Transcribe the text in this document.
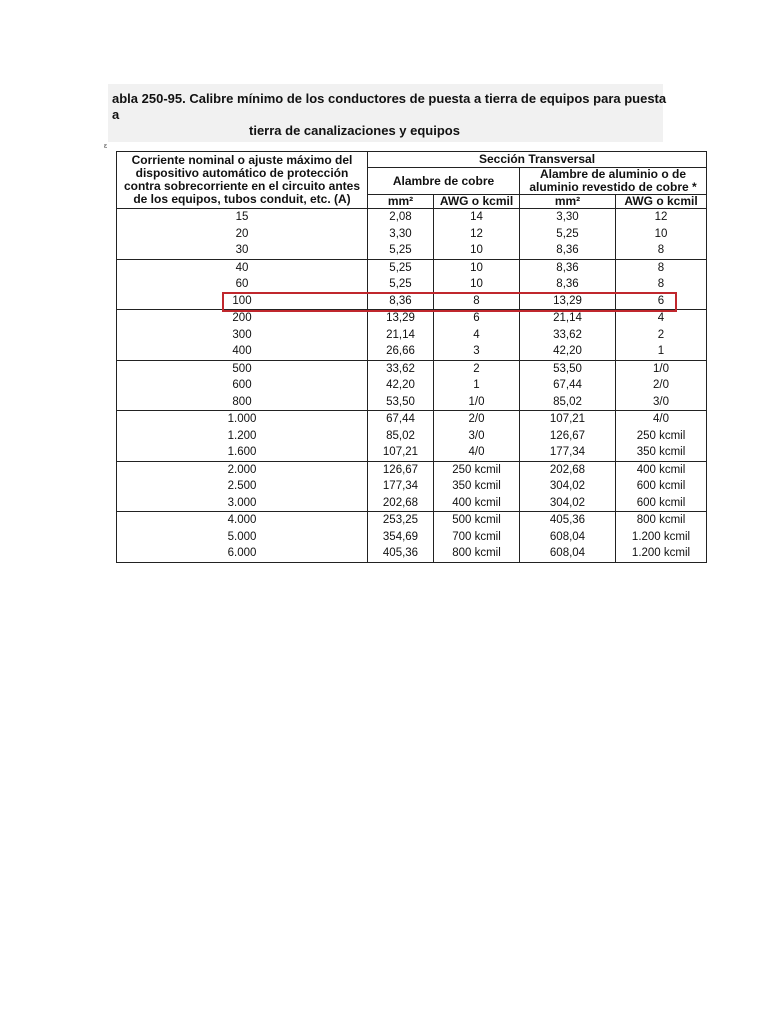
abla 250-95. Calibre mínimo de los conductores de puesta a tierra de equipos para puesta a
tierra de canalizaciones y equipos
ε
Corriente nominal o ajuste máximo del dispositivo automático de protección contra sobrecorriente en el circuito antes de los equipos, tubos conduit, etc. (A)	Sección Transversal			
	Alambre de cobre		Alambre de aluminio o de aluminio revestido de cobre *	
	mm²	AWG o kcmil	mm²	AWG o kcmil
15	2,08	14	3,30	12
20	3,30	12	5,25	10
30	5,25	10	8,36	8
40	5,25	10	8,36	8
60	5,25	10	8,36	8
100	8,36	8	13,29	6
200	13,29	6	21,14	4
300	21,14	4	33,62	2
400	26,66	3	42,20	1
500	33,62	2	53,50	1/0
600	42,20	1	67,44	2/0
800	53,50	1/0	85,02	3/0
1.000	67,44	2/0	107,21	4/0
1.200	85,02	3/0	126,67	250 kcmil
1.600	107,21	4/0	177,34	350 kcmil
2.000	126,67	250 kcmil	202,68	400 kcmil
2.500	177,34	350 kcmil	304,02	600 kcmil
3.000	202,68	400 kcmil	304,02	600 kcmil
4.000	253,25	500 kcmil	405,36	800 kcmil
5.000	354,69	700 kcmil	608,04	1.200 kcmil
6.000	405,36	800 kcmil	608,04	1.200 kcmil
